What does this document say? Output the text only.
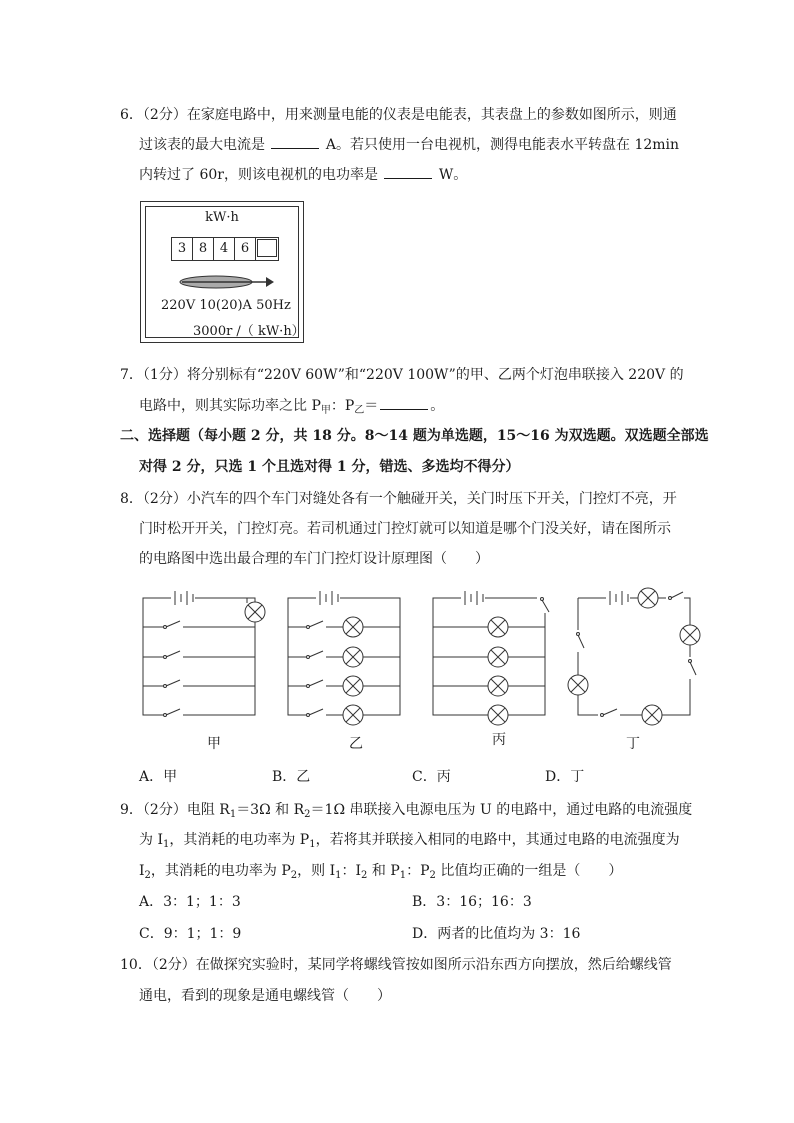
6．（2分）在家庭电路中，用来测量电能的仪表是电能表，其表盘上的参数如图所示，则通
过该表的最大电流是	A。若只使用一台电视机，测得电能表水平转盘在 12min
内转过了 60r，则该电视机的电功率是	W。
kW·h
3 8 4 6
220V 10(20)A 50Hz
3000r /（ kW·h）
7．（1分）将分别标有“220V 60W”和“220V 100W”的甲、乙两个灯泡串联接入 220V 的
电路中，则其实际功率之比 $P_甲$：$P_乙=$	。
二、选择题（每小题 2 分，共 18 分。8～14 题为单选题，15～16 为双选题。双选题全部选
对得 2 分，只选 1 个且选对得 1 分，错选、多选均不得分）
8．（2分）小汽车的四个车门对缝处各有一个触碰开关，关门时压下开关，门控灯不亮，开
门时松开开关，门控灯亮。若司机通过门控灯就可以知道是哪个门没关好，请在图所示
的电路图中选出最合理的车门门控灯设计原理图（　　）
甲	乙	丙	丁
A．甲	B．乙	C．丙	D．丁
9．（2分）电阻 $R_1=3\Omega$ 和 $R_2=1\Omega$ 串联接入电源电压为 U 的电路中，通过电路的电流强度
为 $I_1$，其消耗的电功率为 $P_1$，若将其并联接入相同的电路中，其通过电路的电流强度为
$I_2$，其消耗的电功率为 $P_2$，则 $I_1$：$I_2$ 和 $P_1$：$P_2$ 比值均正确的一组是（　　）
A．3：1；1：3	B．3：16；16：3
C．9：1；1：9	D．两者的比值均为 3：16
10．（2分）在做探究实验时，某同学将螺线管按如图所示沿东西方向摆放，然后给螺线管
通电，看到的现象是通电螺线管（　　）
